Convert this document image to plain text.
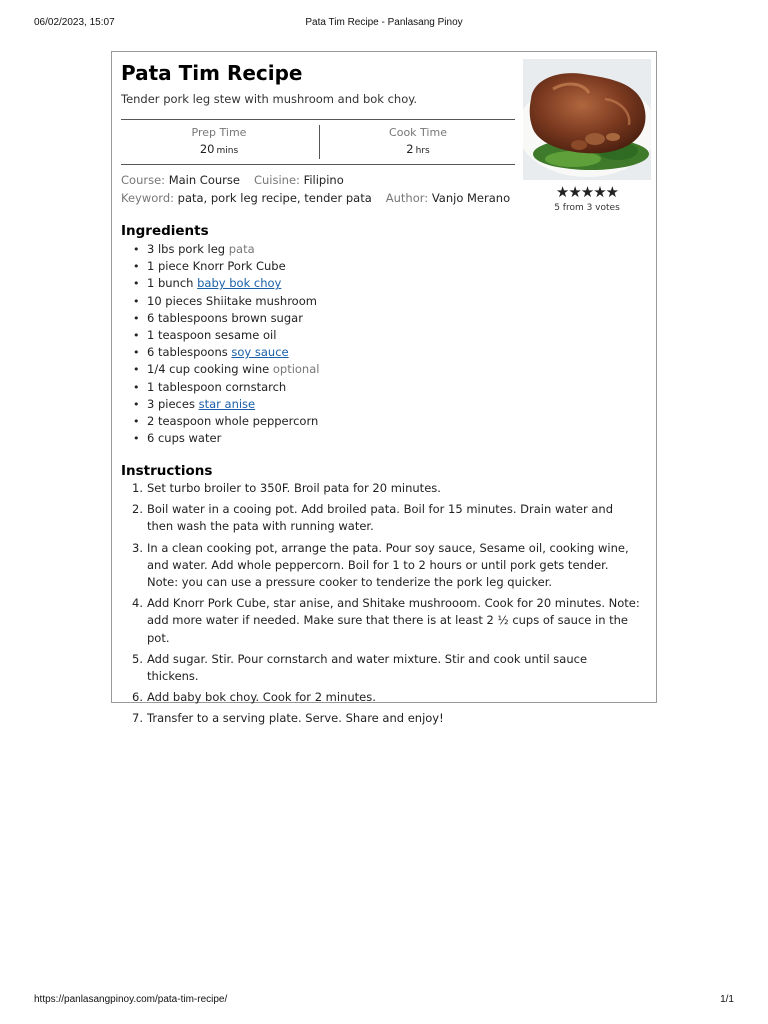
06/02/2023, 15:07	Pata Tim Recipe - Panlasang Pinoy
Pata Tim Recipe
Tender pork leg stew with mushroom and bok choy.
Prep Time
20 mins
Cook Time
2 hrs
Course: Main Course Cuisine: Filipino
Keyword: pata, pork leg recipe, tender pata Author: Vanjo Merano	★★★★★
5 from 3 votes
Ingredients
• 3 lbs pork leg pata
• 1 piece Knorr Pork Cube
• 1 bunch baby bok choy
• 10 pieces Shiitake mushroom
• 6 tablespoons brown sugar
• 1 teaspoon sesame oil
• 6 tablespoons soy sauce
• 1/4 cup cooking wine optional
• 1 tablespoon cornstarch
• 3 pieces star anise
• 2 teaspoon whole peppercorn
• 6 cups water
Instructions
1. Set turbo broiler to 350F. Broil pata for 20 minutes.
2. Boil water in a cooing pot. Add broiled pata. Boil for 15 minutes. Drain water and then wash the pata with running water.
3. In a clean cooking pot, arrange the pata. Pour soy sauce, Sesame oil, cooking wine, and water. Add whole peppercorn. Boil for 1 to 2 hours or until pork gets tender. Note: you can use a pressure cooker to tenderize the pork leg quicker.
4. Add Knorr Pork Cube, star anise, and Shitake mushrooom. Cook for 20 minutes. Note: add more water if needed. Make sure that there is at least 2 ½ cups of sauce in the pot.
5. Add sugar. Stir. Pour cornstarch and water mixture. Stir and cook until sauce thickens.
6. Add baby bok choy. Cook for 2 minutes.
7. Transfer to a serving plate. Serve. Share and enjoy!
https://panlasangpinoy.com/pata-tim-recipe/	1/1
